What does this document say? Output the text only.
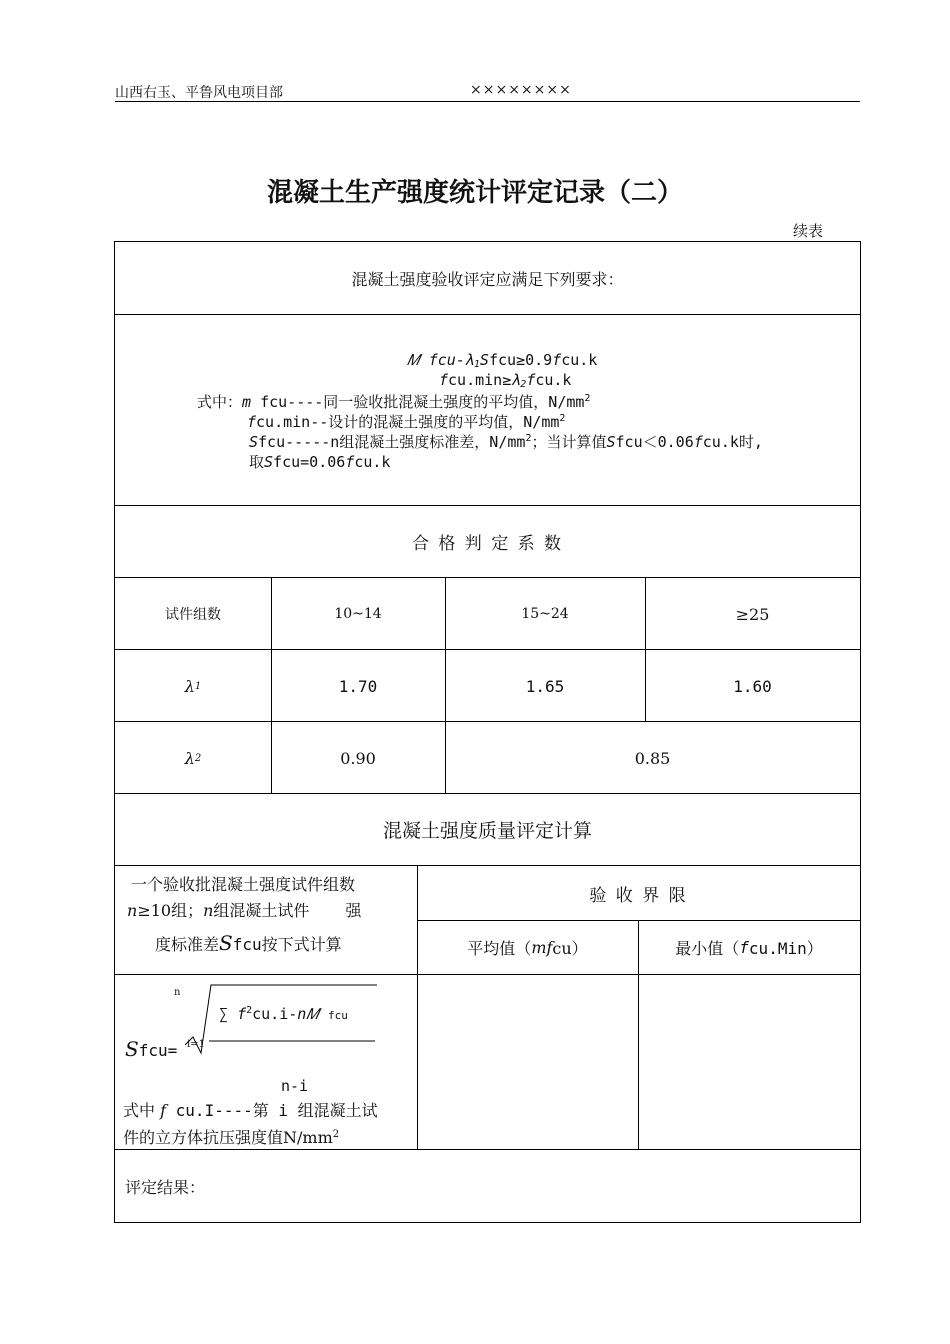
山西右玉、平鲁风电项目部	××××××××
混凝土生产强度统计评定记录（二）
续表
混凝土强度验收评定应满足下列要求：
𝑀 fcu-$\lambda_1Sfcu\ge 0.9fcu.k$
$fcu.\min\ge\lambda_2fcu.k$
式中：m fcu----同一验收批混凝土强度的平均值，$N/mm^2$
fcu.min--设计的混凝土强度的平均值，$N/mm^2$
Sfcu-----n组混凝土强度标准差，$N/mm^2$；当计算值Sfcu＜0.06fcu.k时,
取Sfcu=0.06fcu.k
合 格 判 定 系 数
试件组数	10~14	15~24	≥25
λ 1	1.70	1.65	1.60
λ 2	0.90	0.85
混凝土强度质量评定计算
一个验收批混凝土强度试件组数
n≥10组；n组混凝土试件 强
度标准差Sfcu按下式计算
验 收 界 限
平均值（ m f cu）	最小值（ f cu.Min）
n
∑ $f^2cu.i-n𝑀$ fcu
i=1
Sfcu=
n-i
式中 f cu.I----第 i 组混凝土试
件的立方体抗压强度值$N/mm^2$
评定结果：
